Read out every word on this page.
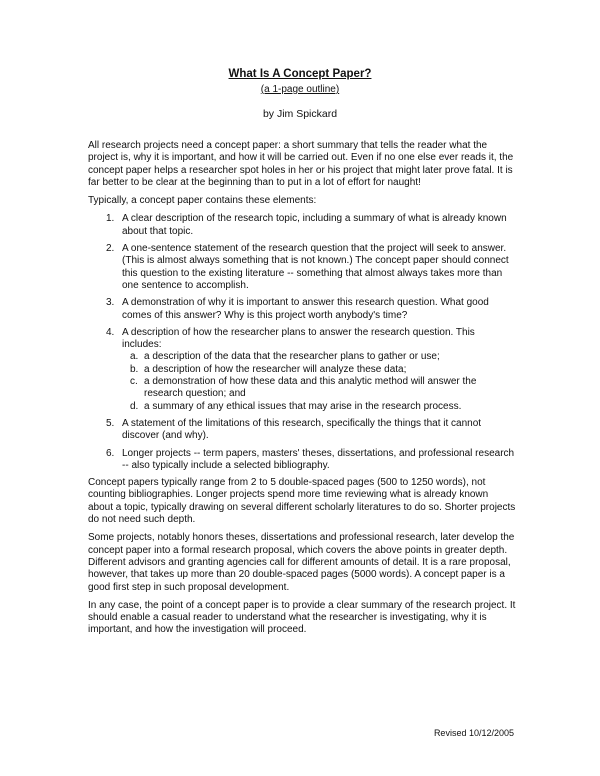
What Is A Concept Paper?
(a 1-page outline)
by Jim Spickard

All research projects need a concept paper: a short summary that tells the reader what the project is, why it is important, and how it will be carried out. Even if no one else ever reads it, the concept paper helps a researcher spot holes in her or his project that might later prove fatal. It is far better to be clear at the beginning than to put in a lot of effort for naught!

Typically, a concept paper contains these elements:

1. A clear description of the research topic, including a summary of what is already known about that topic.
2. A one-sentence statement of the research question that the project will seek to answer. (This is almost always something that is not known.) The concept paper should connect this question to the existing literature -- something that almost always takes more than one sentence to accomplish.
3. A demonstration of why it is important to answer this research question. What good comes of this answer? Why is this project worth anybody's time?
4. A description of how the researcher plans to answer the research question. This includes:
a. a description of the data that the researcher plans to gather or use;
b. a description of how the researcher will analyze these data;
c. a demonstration of how these data and this analytic method will answer the research question; and
d. a summary of any ethical issues that may arise in the research process.
5. A statement of the limitations of this research, specifically the things that it cannot discover (and why).
6. Longer projects -- term papers, masters' theses, dissertations, and professional research -- also typically include a selected bibliography.

Concept papers typically range from 2 to 5 double-spaced pages (500 to 1250 words), not counting bibliographies. Longer projects spend more time reviewing what is already known about a topic, typically drawing on several different scholarly literatures to do so. Shorter projects do not need such depth.

Some projects, notably honors theses, dissertations and professional research, later develop the concept paper into a formal research proposal, which covers the above points in greater depth. Different advisors and granting agencies call for different amounts of detail. It is a rare proposal, however, that takes up more than 20 double-spaced pages (5000 words). A concept paper is a good first step in such proposal development.

In any case, the point of a concept paper is to provide a clear summary of the research project. It should enable a casual reader to understand what the researcher is investigating, why it is important, and how the investigation will proceed.

Revised 10/12/2005
